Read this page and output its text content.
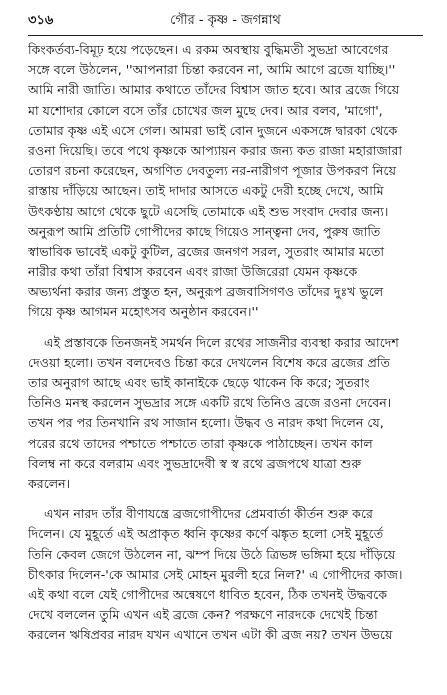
৩১৬	গৌর - কৃষ্ণ - জগন্নাথ
কিংকর্তব্য-বিমূঢ় হয়ে পড়েছেন। এ রকম অবস্থায় বুদ্ধিমতী সুভদ্রা আবেগের
সঙ্গে বলে উঠলেন, ''আপনারা চিন্তা করবেন না, আমি আগে ব্রজে যাচ্ছি।''
আমি নারী জাতি। আমার কথাতে তাঁদের বিশ্বাস জাত হবে। আর ব্রজে গিয়ে
মা যশোদার কোলে বসে তাঁর চোখের জল মুছে দেব। আর বলব, 'মাগো',
তোমার কৃষ্ণ এই এসে গেল। আমরা ভাই বোন দুজনে একসঙ্গে দ্বারকা থেকে
রওনা দিয়েছি। তবে পথে কৃষ্ণকে আপ্যায়ন করার জন্য কত রাজা মহারাজারা
তোরণ রচনা করেছেন, অগণিত দেবতুল্য নর-নারীগণ পূজার উপকরণ নিয়ে
রাস্তায় দাঁড়িয়ে আছেন। তাই দাদার আসতে একটু দেরী হচ্ছে দেখে, আমি
উৎকণ্ঠায় আগে থেকে ছুটে এসেছি তোমাকে এই শুভ সংবাদ দেবার জন্য।
অনুরূপ আমি প্রতিটি গোপীদের কাছে গিয়েও সান্ত্বনা দেব, পুরুষ জাতি
স্বাভাবিক ভাবেই একটু কুটিল, ব্রজের জনগণ সরল, সুতরাং আমার মতো
নারীর কথা তাঁরা বিশ্বাস করবেন এবং রাজা উজিরেরা যেমন কৃষ্ণকে
অভ্যর্থনা করার জন্য প্রস্তুত হন, অনুরূপ ব্রজবাসিগণও তাঁদের দুঃখ ভুলে
গিয়ে কৃষ্ণ আগমন মহোৎসব অনুষ্ঠান করবেন।''
এই প্রস্তাবকে তিনজনই সমর্থন দিলে রথের সাজনীর ব্যবস্থা করার আদেশ
দেওয়া হলো। তখন বলদেবও চিন্তা করে দেখলেন বিশেষ করে ব্রজের প্রতি
তার অনুরাগ আছে এবং ভাই কানাইকে ছেড়ে থাকেন কি করে; সুতরাং
তিনিও মনস্থ করলেন সুভদ্রার সঙ্গে একটি রথে তিনিও ব্রজে রওনা দেবেন।
তখন পর পর তিনখানি রথ সাজান হলো। উদ্ধব ও নারদ কথা দিলেন যে,
পরের রথে তাদের পশ্চাতে পশ্চাতে তারা কৃষ্ণকে পাঠাচ্ছেন। তখন কাল
বিলম্ব না করে বলরাম এবং সুভদ্রাদেবী স্ব স্ব রথে ব্রজপথে যাত্রা শুরু
করলেন।
এখন নারদ তাঁর বীণাযন্ত্রে ব্রজগোপীদের প্রেমবার্তা কীর্তন শুরু করে
দিলেন। যে মুহূর্তে এই অপ্রাকৃত ধ্বনি কৃষ্ণের কর্ণে ঝঙ্কৃত হলো সেই মুহূর্তে
তিনি কেবল জেগে উঠলেন না, ঝম্প দিয়ে উঠে ত্রিভঙ্গ ভঙ্গিমা হয়ে দাঁড়িয়ে
চীৎকার দিলেন-'কে আমার সেই মোহন মুরলী হরে নিল?' এ গোপীদের কাজ।
এই কথা বলে যেই গোপীদের অন্বেষণে ধাবিত হবেন, ঠিক তখনই উদ্ধবকে
দেখে বললেন তুমি এখন এই ব্রজে কেন? পরক্ষণে নারদকে দেখেই চিন্তা
করলেন ঋষিপ্রবর নারদ যখন এখানে তখন এটা কী ব্রজ নয়? তখন উভয়ে
